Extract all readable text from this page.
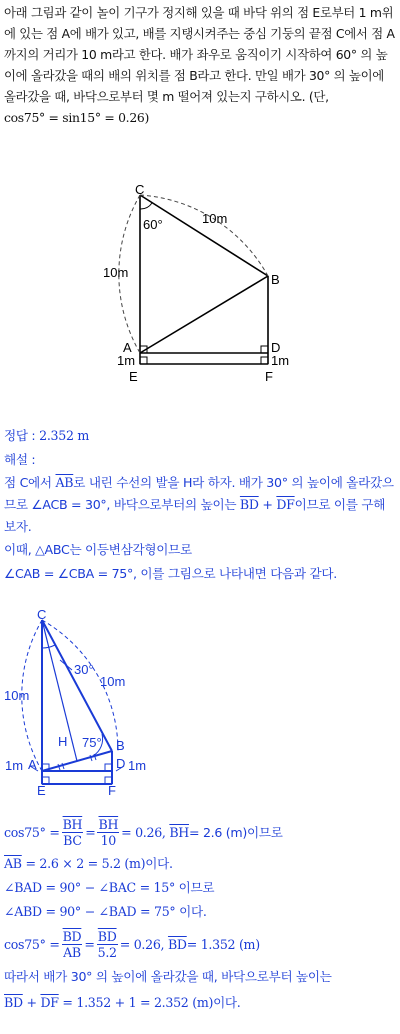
아래 그림과 같이 놀이 기구가 정지해 있을 때 바닥 위의 점 E로부터 1 m위에 있는 점 A에 배가 있고, 배를 지탱시켜주는 중심 기둥의 끝점 C에서 점 A까지의 거리가 10 m라고 한다. 배가 좌우로 움직이기 시작하여 60° 의 높이에 올라갔을 때의 배의 위치를 점 B라고 한다. 만일 배가 30° 의 높이에 올라갔을 때, 바닥으로부터 몇 m 떨어져 있는지 구하시오. (단,
cos75° = sin15° = 0.26)
C
60°	10m
10m	B
A	D
1m	1m
E	F
정답 : 2.352 m
해설 :
점 C에서 $\overline{AB}$로 내린 수선의 발을 H라 하자. 배가 30° 의 높이에 올라갔으므로 ∠ACB = 30°, 바닥으로부터의 높이는 $\overline{BD} + \overline{DF}$이므로 이를 구해보자.
이때, △ABC는 이등변삼각형이므로
∠CAB = ∠CBA = 75°, 이를 그림으로 나타내면 다음과 같다.
C
30°
10m
10m
H 75° B
A	D
1m	1m
E	F
$\cos 75^\circ = \frac{\overline{BH}}{BC} = \frac{\overline{BH}}{10} = 0.26$,
$\overline{BH} = 2.6$ (m)이므로
$\overline{AB} = 2.6 \times 2 = 5.2$ (m)이다.
∠BAD = 90° − ∠BAC = 15° 이므로
∠ABD = 90° − ∠BAD = 75° 이다.
$\cos 75^\circ = \frac{\overline{BD}}{AB} = \frac{\overline{BD}}{5.2} = 0.26$,
$\overline{BD} = 1.352$ (m)
따라서 배가 30° 의 높이에 올라갔을 때, 바닥으로부터 높이는
$\overline{BD} + \overline{DF} = 1.352 + 1 = 2.352$ (m)이다.
